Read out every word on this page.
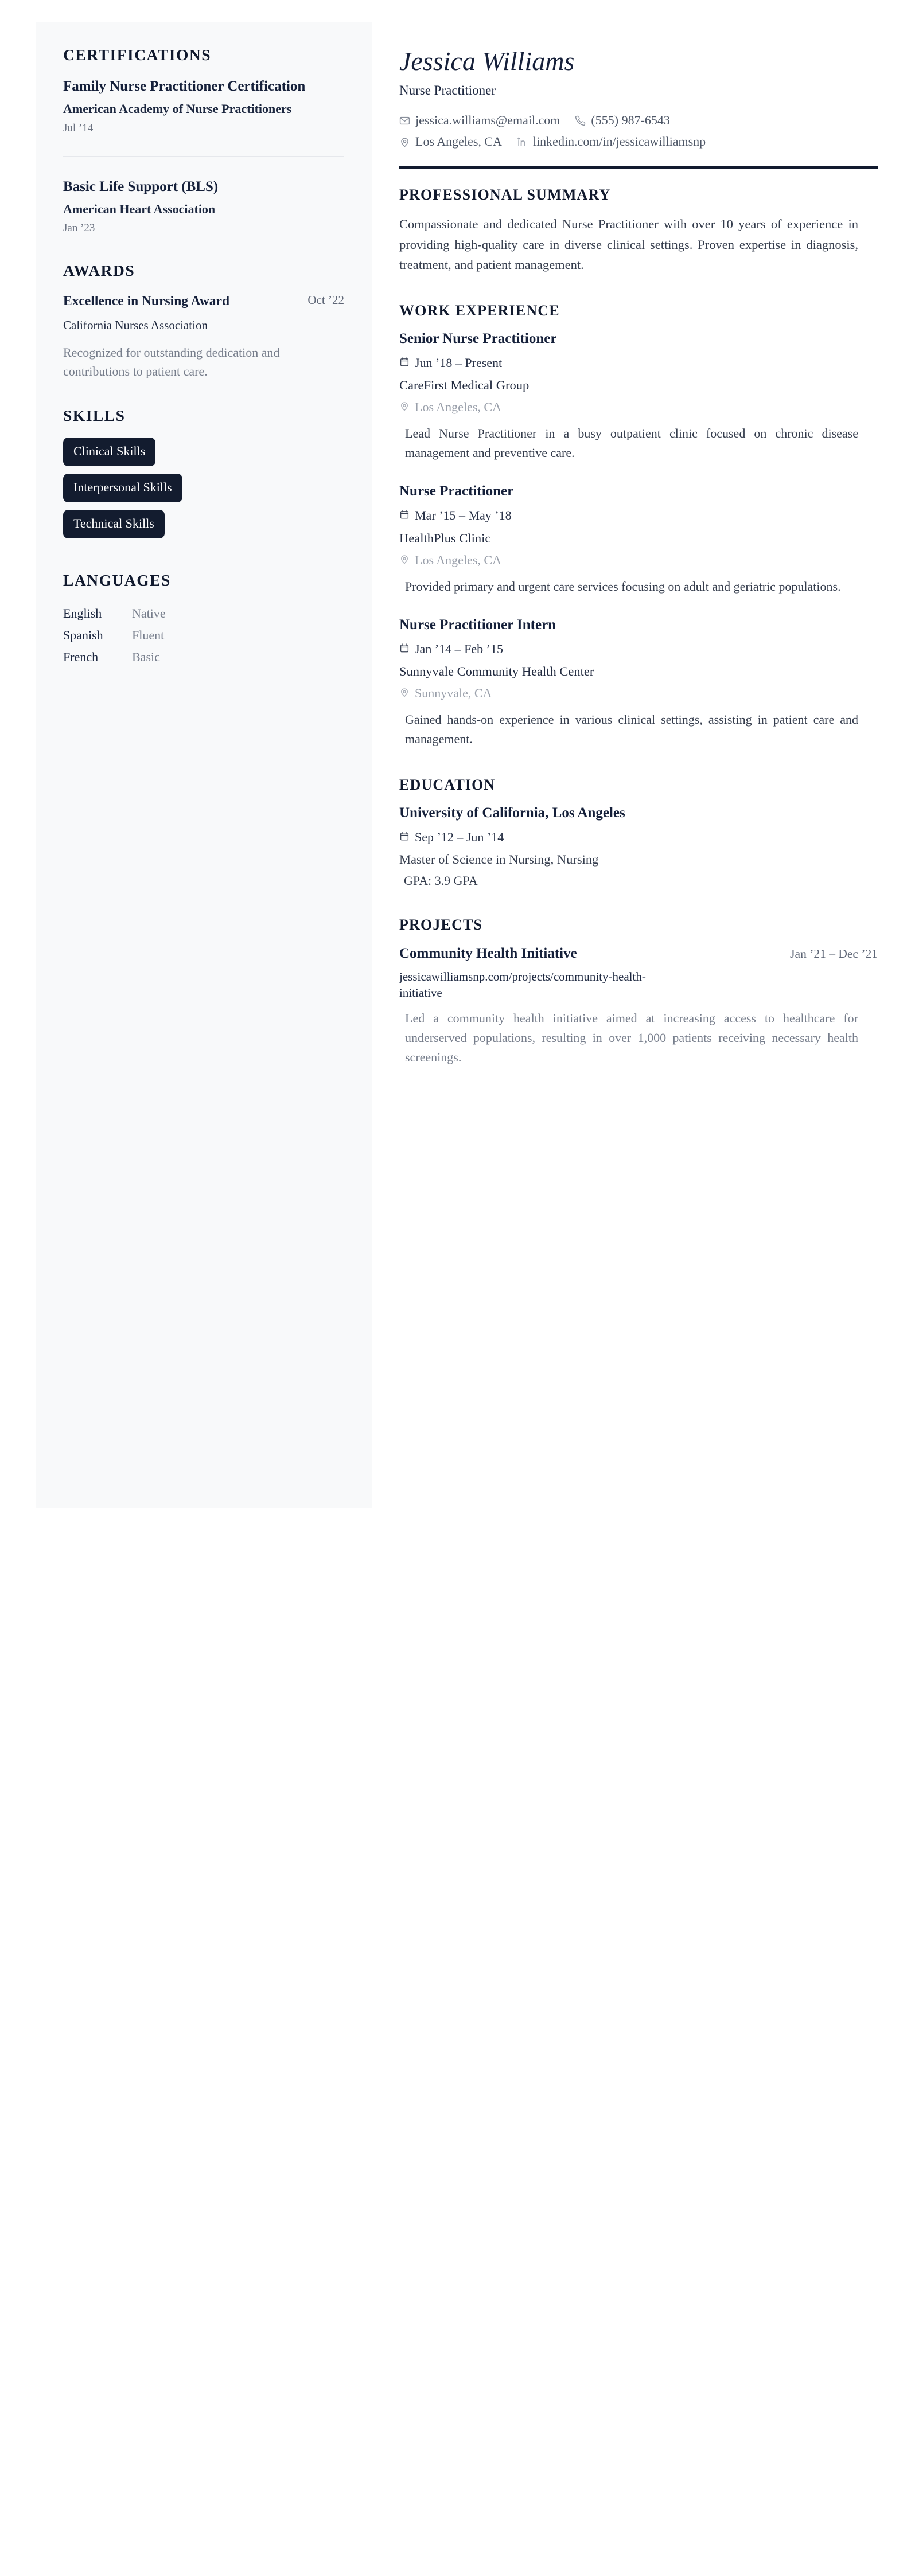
CERTIFICATIONS

Family Nurse Practitioner Certification

American Academy of Nurse Practitioners

Jul ’14

Basic Life Support (BLS)

American Heart Association

Jan ’23

AWARDS

Excellence in Nursing Award	Oct ’22

California Nurses Association

Recognized for outstanding dedication and contributions to patient care.

SKILLS
Clinical Skills
Interpersonal Skills
Technical Skills
LANGUAGES
English	Native
Spanish	Fluent
French	Basic
Jessica Williams

Nurse Practitioner

jessica.williams@email.com (555) 987-6543
Los Angeles, CA linkedin.com/in/jessicawilliamsnp
PROFESSIONAL SUMMARY

Compassionate and dedicated Nurse Practitioner with over 10 years of experience in providing high-quality care in diverse clinical settings. Proven expertise in diagnosis, treatment, and patient management.

WORK EXPERIENCE

Senior Nurse Practitioner

Jun ’18 – Present

CareFirst Medical Group

Los Angeles, CA

Lead Nurse Practitioner in a busy outpatient clinic focused on chronic disease management and preventive care.

Nurse Practitioner

Mar ’15 – May ’18

HealthPlus Clinic

Los Angeles, CA

Provided primary and urgent care services focusing on adult and geriatric populations.

Nurse Practitioner Intern

Jan ’14 – Feb ’15

Sunnyvale Community Health Center

Sunnyvale, CA

Gained hands-on experience in various clinical settings, assisting in patient care and management.

EDUCATION

University of California, Los Angeles

Sep ’12 – Jun ’14

Master of Science in Nursing, Nursing

GPA: 3.9 GPA

PROJECTS

Community Health Initiative	Jan ’21 – Dec ’21

jessicawilliamsnp.com/projects/community-health-initiative

Led a community health initiative aimed at increasing access to healthcare for underserved populations, resulting in over 1,000 patients receiving necessary health screenings.
